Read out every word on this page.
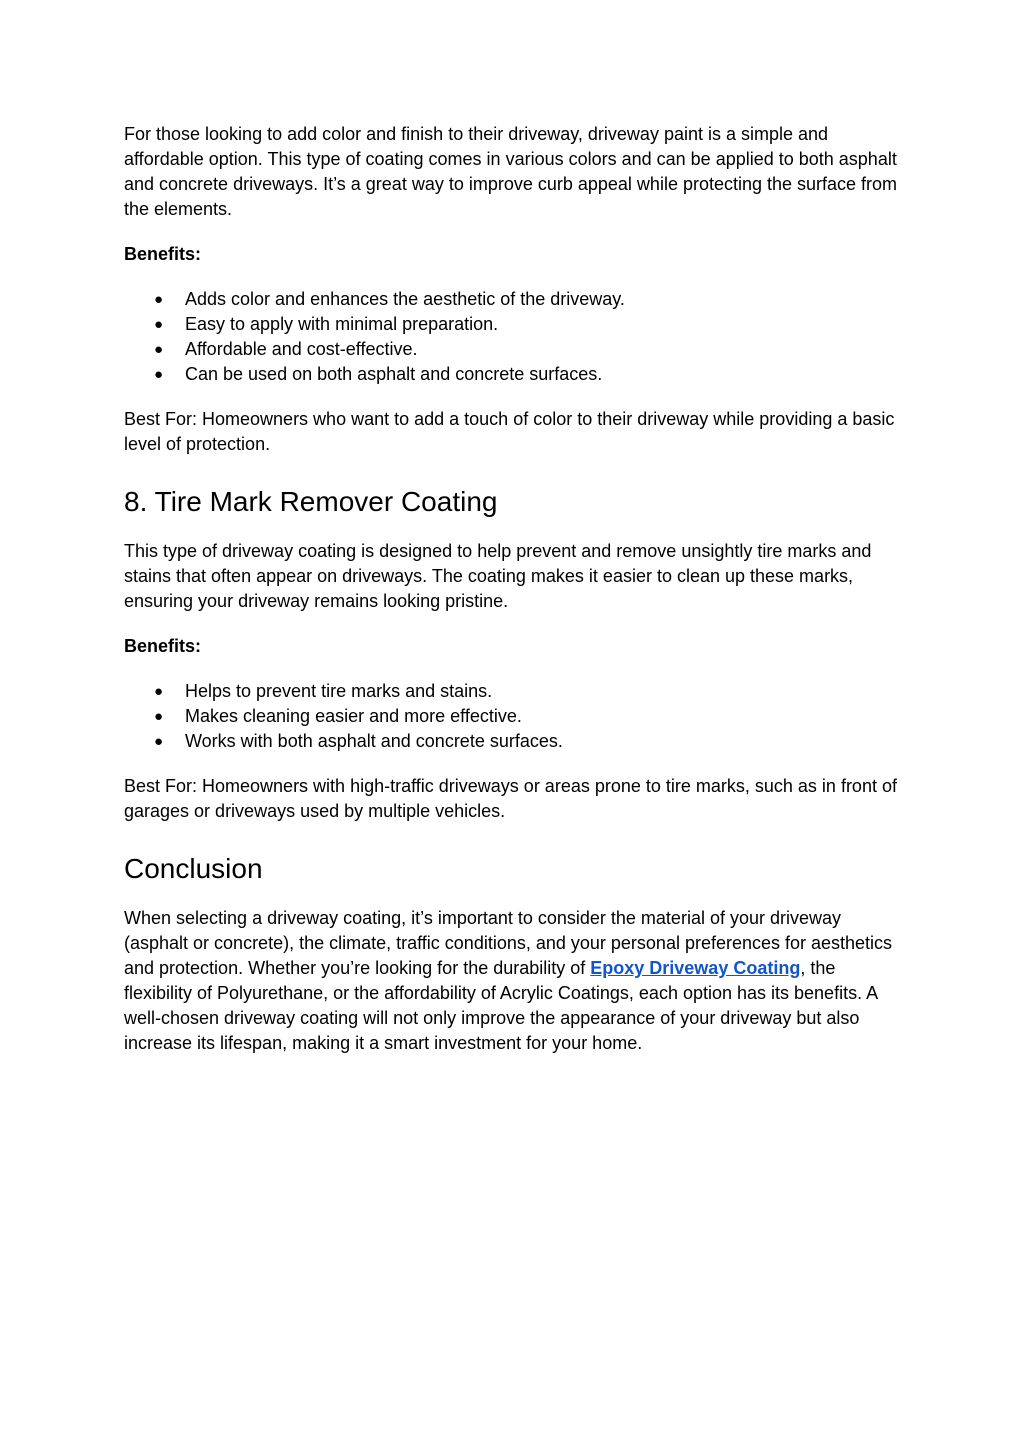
For those looking to add color and finish to their driveway, driveway paint is a simple and affordable option. This type of coating comes in various colors and can be applied to both asphalt and concrete driveways. It’s a great way to improve curb appeal while protecting the surface from the elements.

Benefits:

● Adds color and enhances the aesthetic of the driveway.
● Easy to apply with minimal preparation.
● Affordable and cost-effective.
● Can be used on both asphalt and concrete surfaces.

Best For: Homeowners who want to add a touch of color to their driveway while providing a basic level of protection.

8. Tire Mark Remover Coating

This type of driveway coating is designed to help prevent and remove unsightly tire marks and stains that often appear on driveways. The coating makes it easier to clean up these marks, ensuring your driveway remains looking pristine.

Benefits:

● Helps to prevent tire marks and stains.
● Makes cleaning easier and more effective.
● Works with both asphalt and concrete surfaces.

Best For: Homeowners with high-traffic driveways or areas prone to tire marks, such as in front of garages or driveways used by multiple vehicles.

Conclusion

When selecting a driveway coating, it’s important to consider the material of your driveway (asphalt or concrete), the climate, traffic conditions, and your personal preferences for aesthetics and protection. Whether you’re looking for the durability of Epoxy Driveway Coating, the flexibility of Polyurethane, or the affordability of Acrylic Coatings, each option has its benefits. A well-chosen driveway coating will not only improve the appearance of your driveway but also increase its lifespan, making it a smart investment for your home.
